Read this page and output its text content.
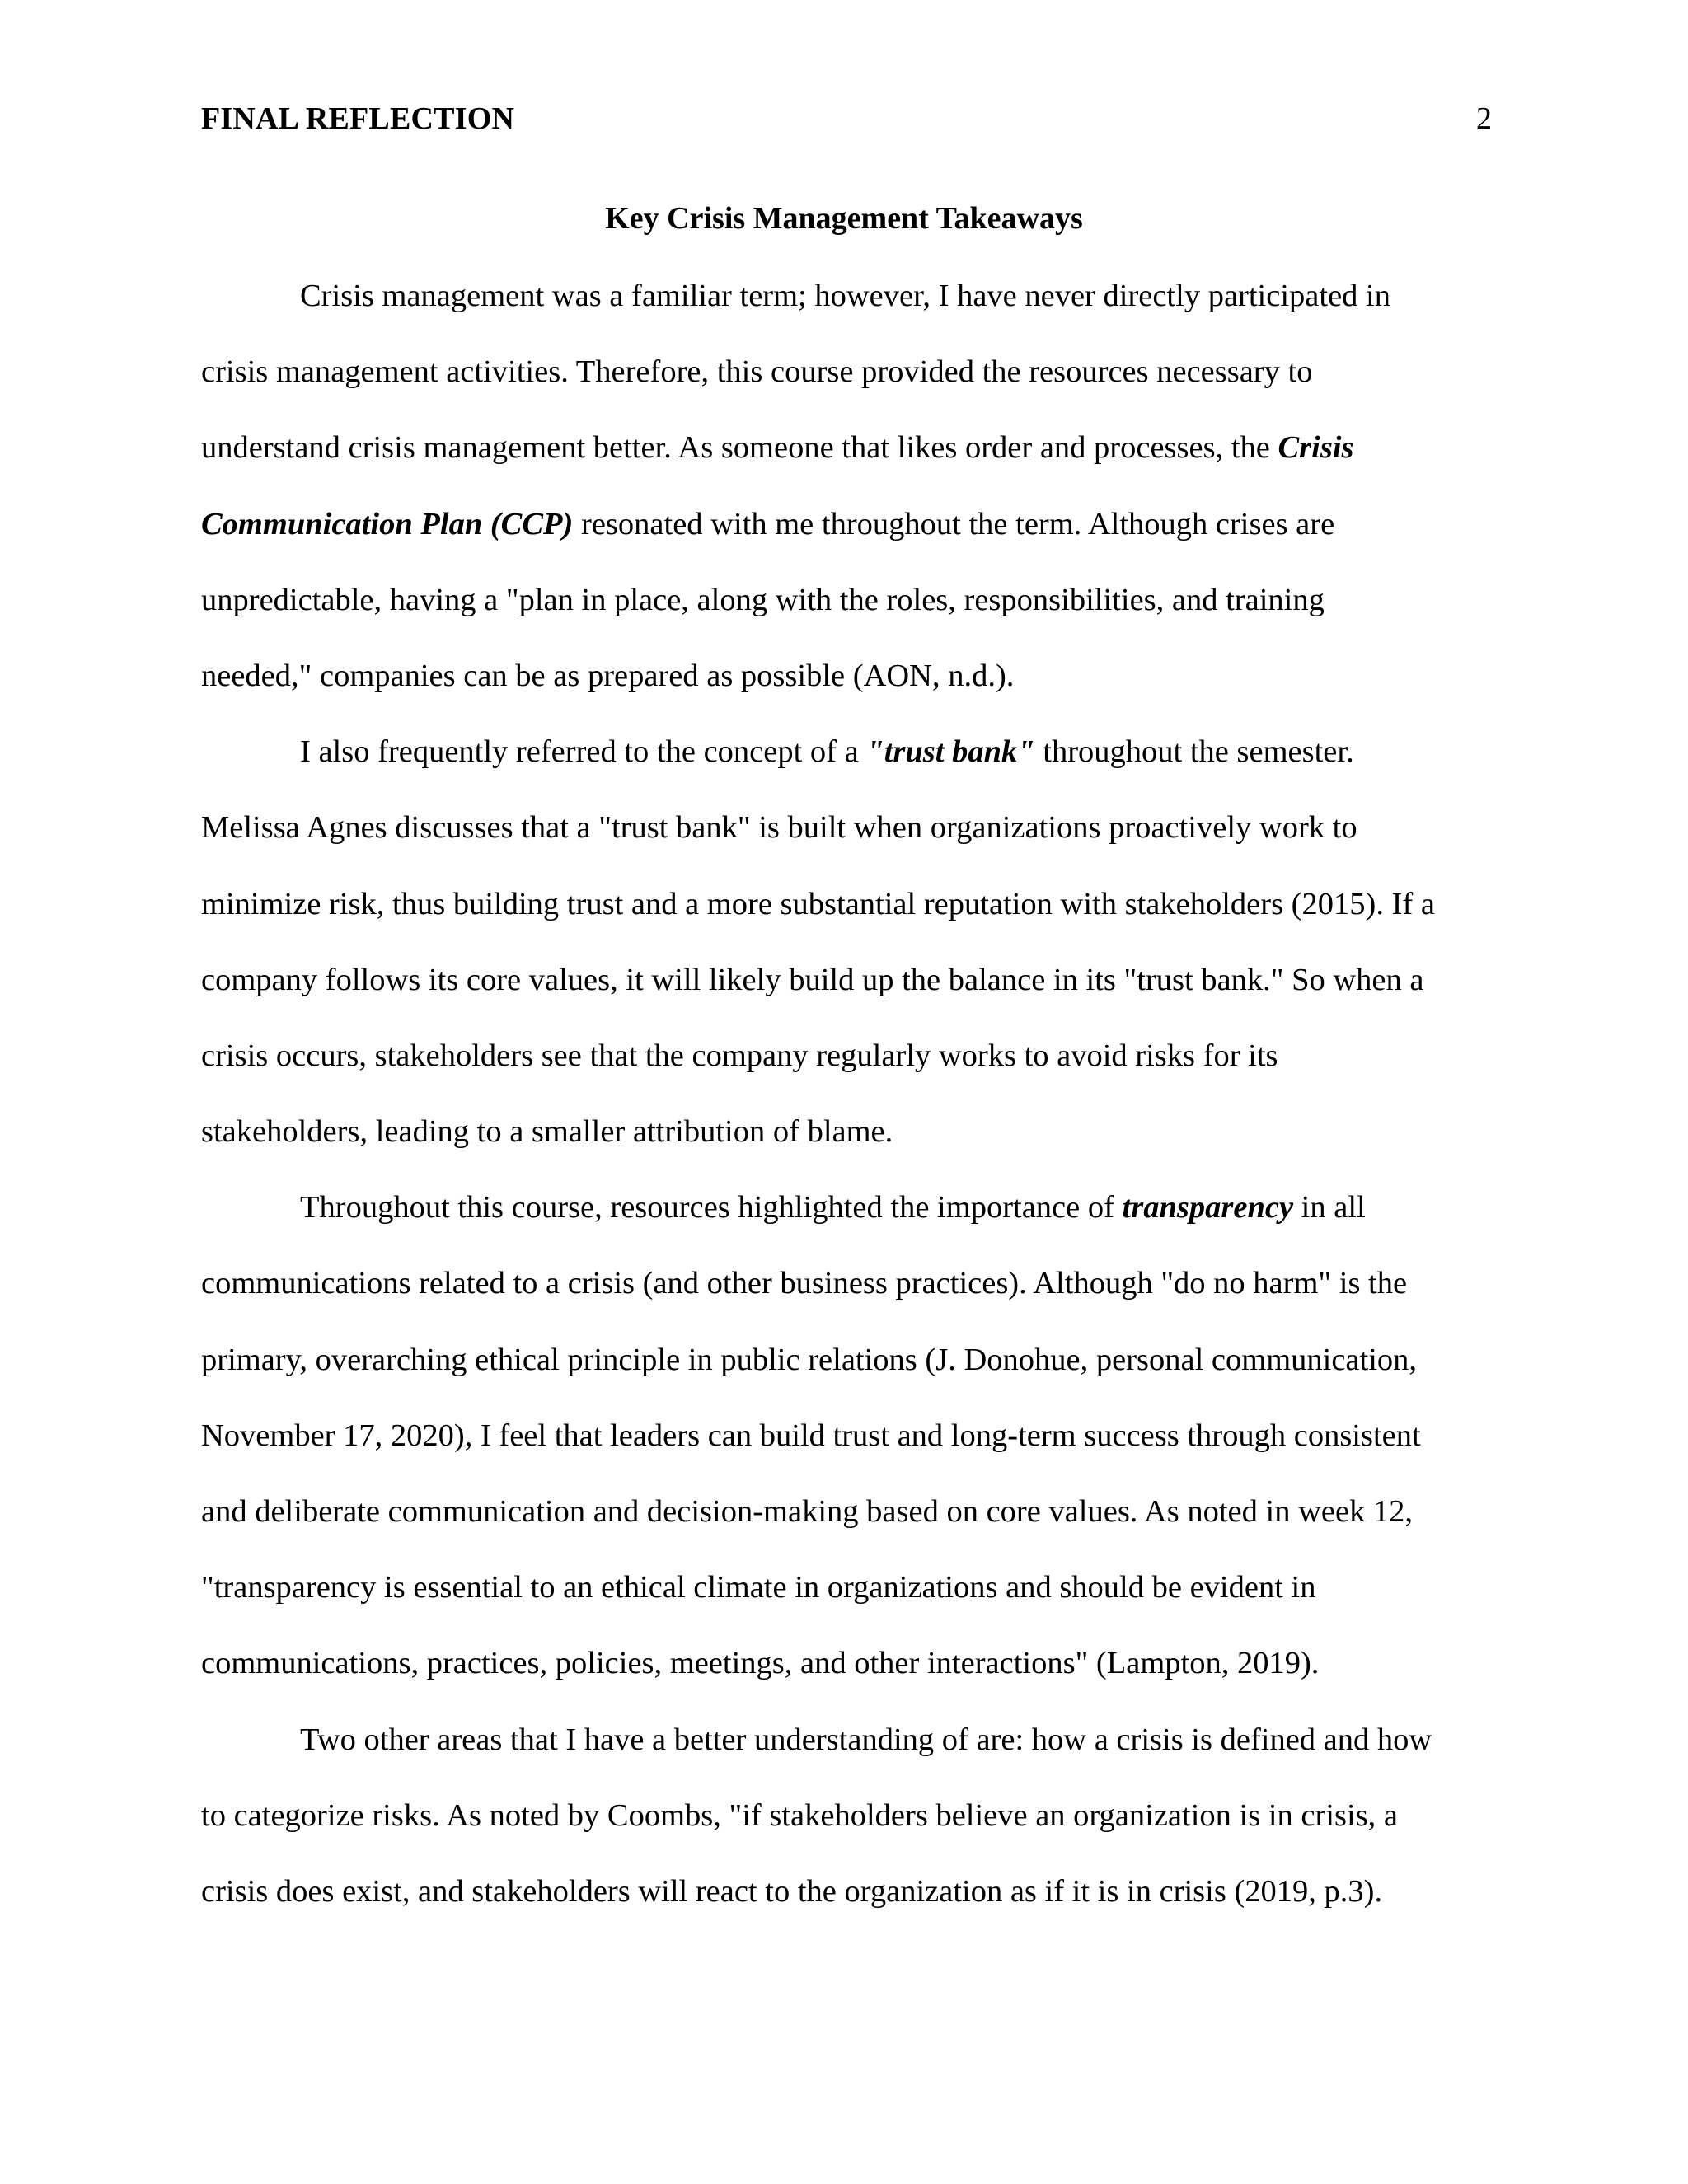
FINAL REFLECTION	2
Key Crisis Management Takeaways
Crisis management was a familiar term; however, I have never directly participated in
crisis management activities. Therefore, this course provided the resources necessary to
understand crisis management better. As someone that likes order and processes, the Crisis
Communication Plan (CCP) resonated with me throughout the term. Although crises are
unpredictable, having a "plan in place, along with the roles, responsibilities, and training
needed," companies can be as prepared as possible (AON, n.d.).
I also frequently referred to the concept of a "trust bank" throughout the semester.
Melissa Agnes discusses that a "trust bank" is built when organizations proactively work to
minimize risk, thus building trust and a more substantial reputation with stakeholders (2015). If a
company follows its core values, it will likely build up the balance in its "trust bank." So when a
crisis occurs, stakeholders see that the company regularly works to avoid risks for its
stakeholders, leading to a smaller attribution of blame.
Throughout this course, resources highlighted the importance of transparency in all
communications related to a crisis (and other business practices). Although "do no harm" is the
primary, overarching ethical principle in public relations (J. Donohue, personal communication,
November 17, 2020), I feel that leaders can build trust and long-term success through consistent
and deliberate communication and decision-making based on core values. As noted in week 12,
"transparency is essential to an ethical climate in organizations and should be evident in
communications, practices, policies, meetings, and other interactions" (Lampton, 2019).
Two other areas that I have a better understanding of are: how a crisis is defined and how
to categorize risks. As noted by Coombs, "if stakeholders believe an organization is in crisis, a
crisis does exist, and stakeholders will react to the organization as if it is in crisis (2019, p.3).
